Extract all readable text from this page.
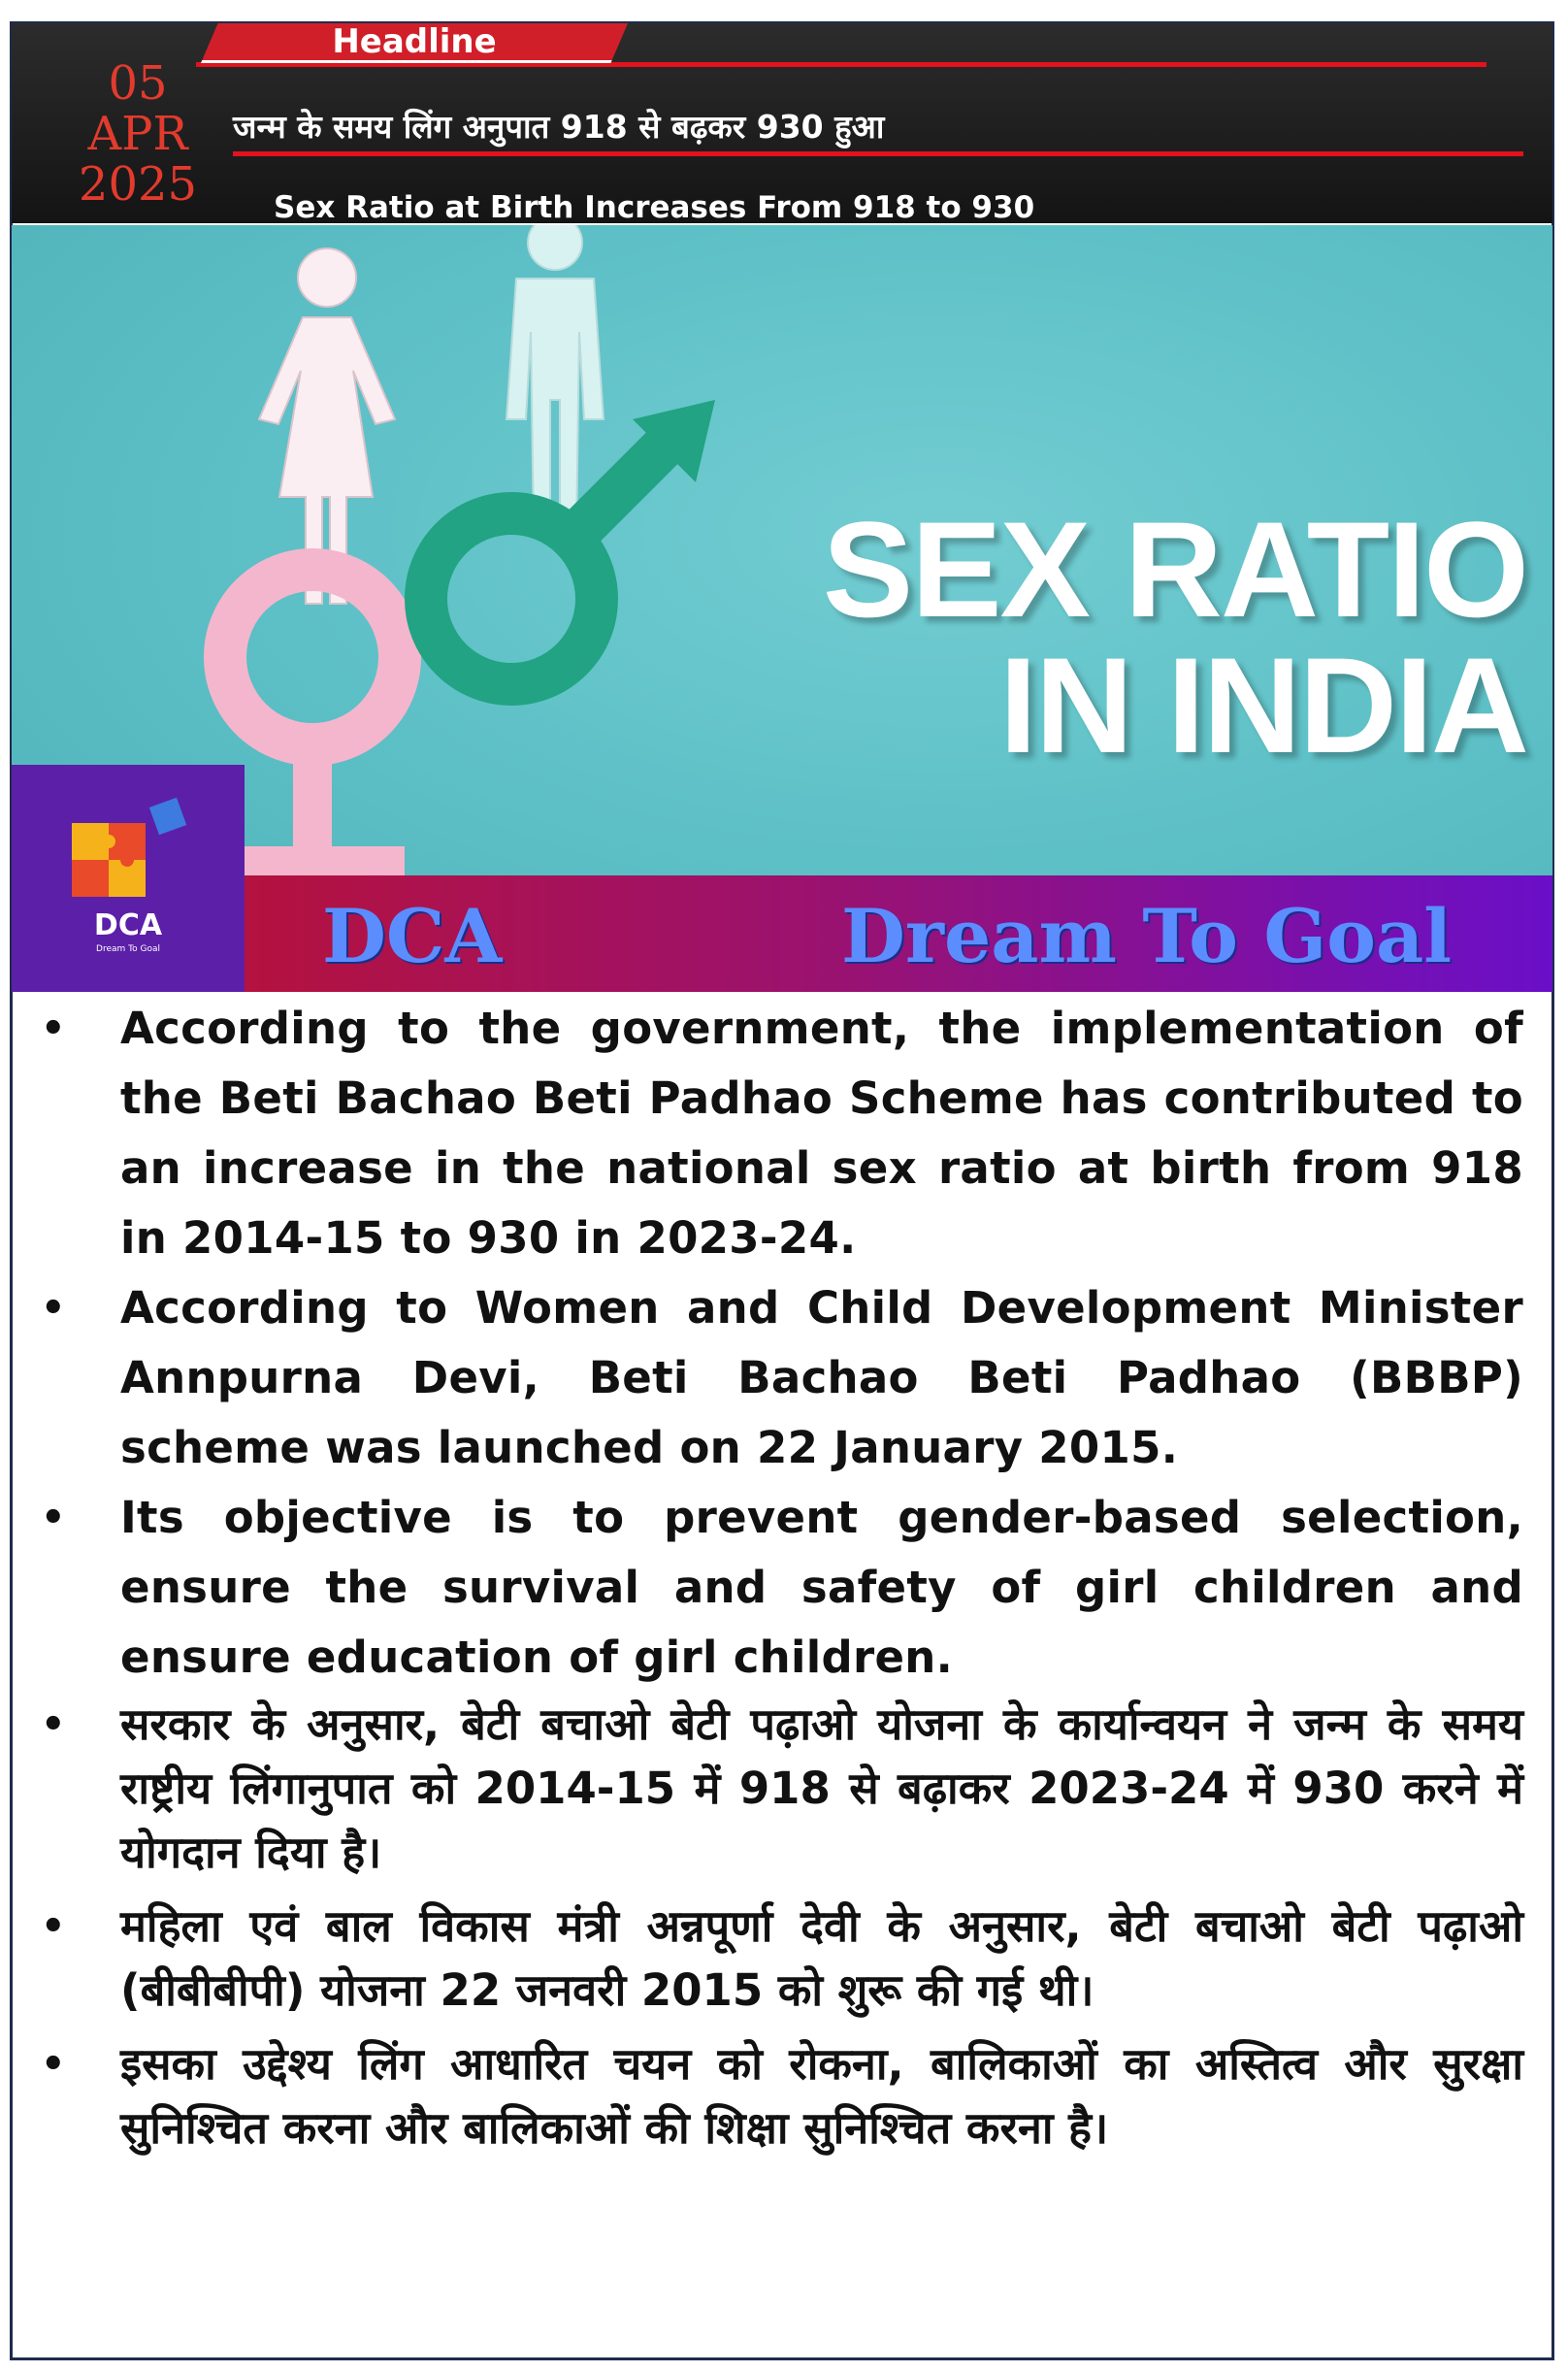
Headline
05
APR
2025
जन्म के समय लिंग अनुपात 918 से बढ़कर 930 हुआ
Sex Ratio at Birth Increases From 918 to 930
SEX RATIO
IN INDIA
DCA
Dream To Goal	DCA	Dream To Goal
• According to the government, the implementation of the Beti Bachao Beti Padhao Scheme has contributed to an increase in the national sex ratio at birth from 918 in 2014-15 to 930 in 2023-24.
• According to Women and Child Development Minister Annpurna Devi, Beti Bachao Beti Padhao (BBBP) scheme was launched on 22 January 2015.
• Its objective is to prevent gender-based selection, ensure the survival and safety of girl children and ensure education of girl children.
• सरकार के अनुसार, बेटी बचाओ बेटी पढ़ाओ योजना के कार्यान्वयन ने जन्म के समय राष्ट्रीय लिंगानुपात को 2014-15 में 918 से बढ़ाकर 2023-24 में 930 करने में योगदान दिया है।
• महिला एवं बाल विकास मंत्री अन्नपूर्णा देवी के अनुसार, बेटी बचाओ बेटी पढ़ाओ (बीबीबीपी) योजना 22 जनवरी 2015 को शुरू की गई थी।
• इसका उद्देश्य लिंग आधारित चयन को रोकना, बालिकाओं का अस्तित्व और सुरक्षा सुनिश्चित करना और बालिकाओं की शिक्षा सुनिश्चित करना है।
